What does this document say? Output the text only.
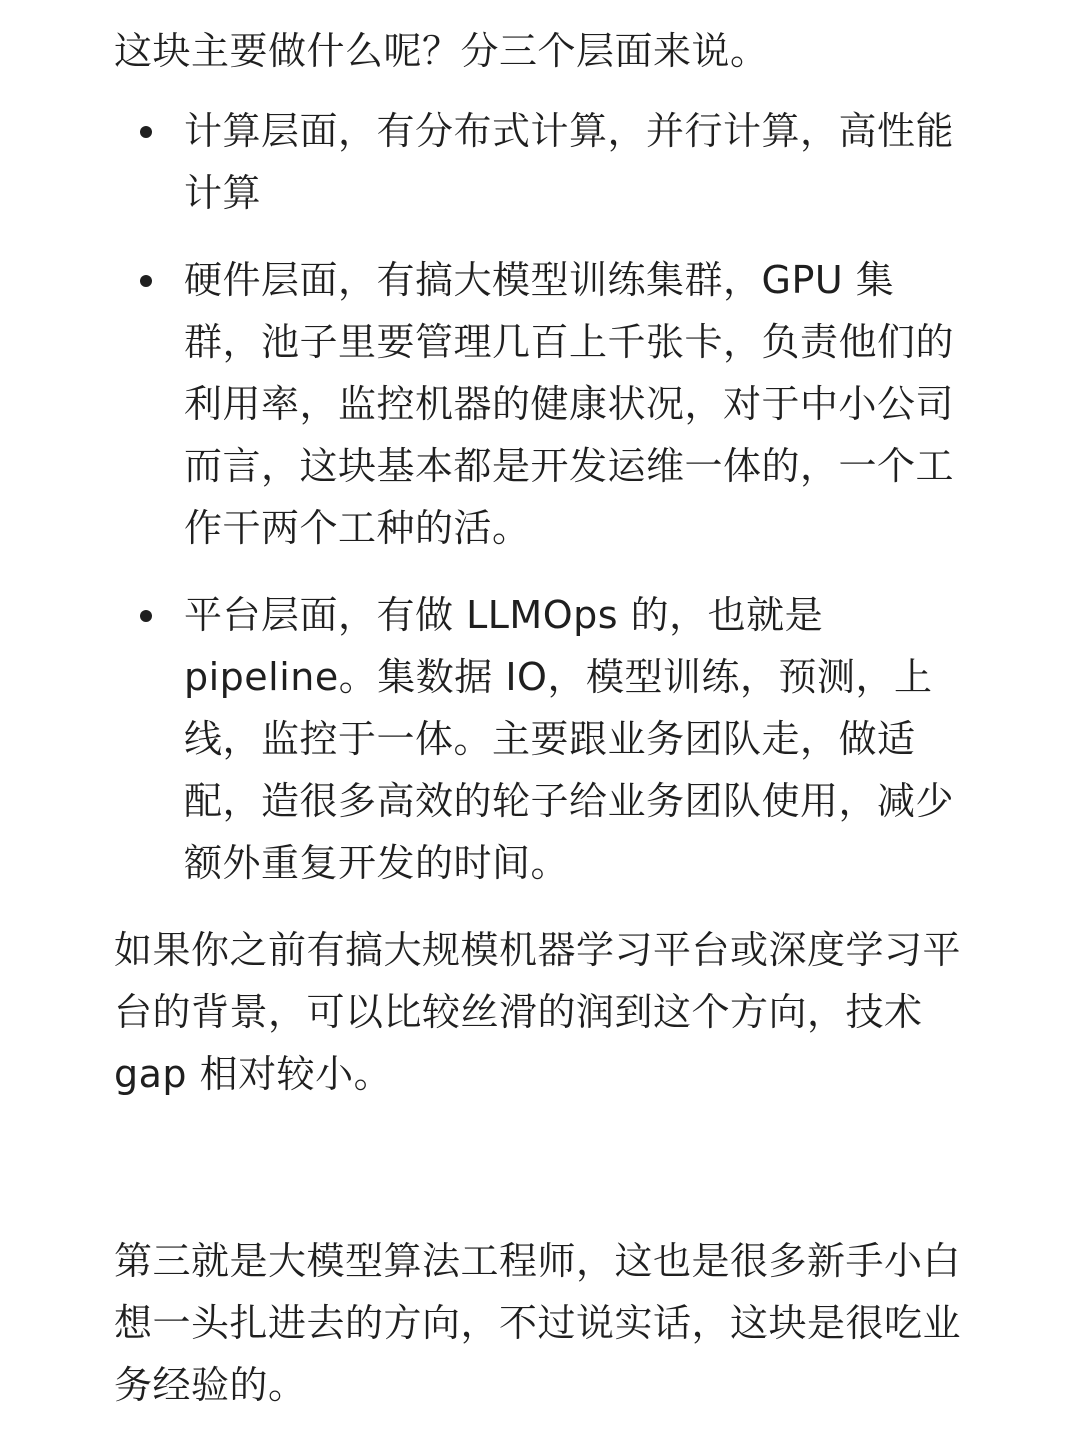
这块主要做什么呢？分三个层面来说。

计算层面，有分布式计算，并行计算，高性能计算
硬件层面，有搞大模型训练集群，GPU 集群，池子里要管理几百上千张卡，负责他们的利用率，监控机器的健康状况，对于中小公司而言，这块基本都是开发运维一体的，一个工作干两个工种的活。
平台层面，有做 LLMOps 的，也就是 pipeline。集数据 IO，模型训练，预测，上线，监控于一体。主要跟业务团队走，做适配，造很多高效的轮子给业务团队使用，减少额外重复开发的时间。

如果你之前有搞大规模机器学习平台或深度学习平台的背景，可以比较丝滑的润到这个方向，技术 gap 相对较小。

第三就是大模型算法工程师，这也是很多新手小白想一头扎进去的方向，不过说实话，这块是很吃业务经验的。
